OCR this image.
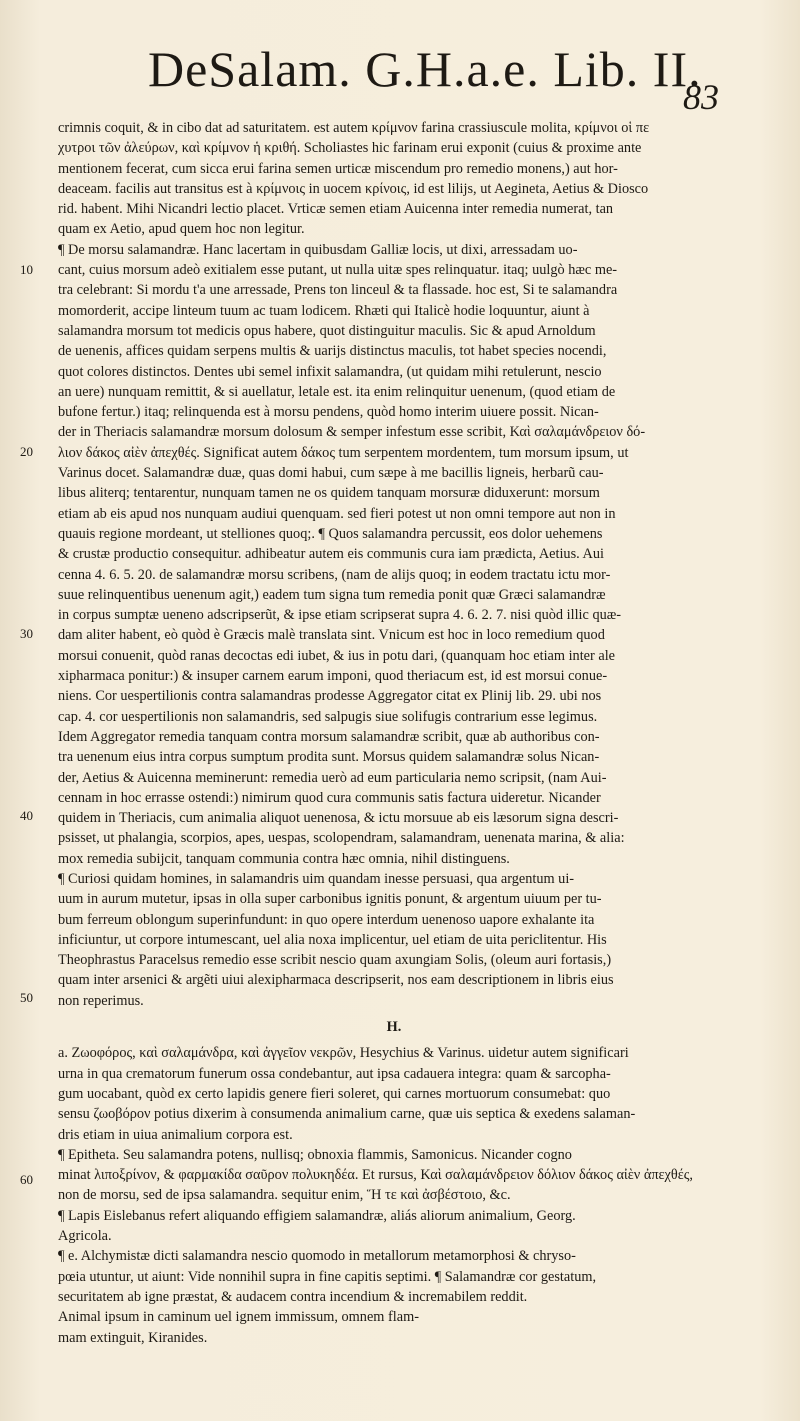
DeSalam. G.H.a.e. Lib. II.
83
10
20
30
40
50
60
crimnis coquit, & in cibo dat ad saturitatem. est autem κρίμνον farina crassiuscule molita, κρίμνοι οἱ πε
χυτροι τῶν ἀλεύρων, καὶ κρίμνον ἡ κριθή. Scholiastes hic farinam erui exponit (cuius & proxime ante
mentionem fecerat, cum sicca erui farina semen urticæ miscendum pro remedio monens,) aut hor-
deaceam. facilis aut transitus est à κρίμνοις in uocem κρίνοις, id est lilijs, ut Aegineta, Aetius & Diosco
rid. habent. Mihi Nicandri lectio placet. Vrticæ semen etiam Auicenna inter remedia numerat, tan
quam ex Aetio, apud quem hoc non legitur.
¶ De morsu salamandræ. Hanc lacertam in quibusdam Galliæ locis, ut dixi, arressadam uo-
cant, cuius morsum adeò exitialem esse putant, ut nulla uitæ spes relinquatur. itaq; uulgò hæc me-
tra celebrant: Si mordu t'a une arressade, Prens ton linceul & ta flassade. hoc est, Si te salamandra
momorderit, accipe linteum tuum ac tuam lodicem. Rhæti qui Italicè hodie loquuntur, aiunt à
salamandra morsum tot medicis opus habere, quot distinguitur maculis. Sic & apud Arnoldum
de uenenis, affices quidam serpens multis & uarijs distinctus maculis, tot habet species nocendi,
quot colores distinctos. Dentes ubi semel infixit salamandra, (ut quidam mihi retulerunt, nescio
an uere) nunquam remittit, & si auellatur, letale est. ita enim relinquitur uenenum, (quod etiam de
bufone fertur.) itaq; relinquenda est à morsu pendens, quòd homo interim uiuere possit. Nican-
der in Theriacis salamandræ morsum dolosum & semper infestum esse scribit, Καὶ σαλαμάνδρειον δό-
λιον δάκος αἰὲν ἀπεχθές. Significat autem δάκος tum serpentem mordentem, tum morsum ipsum, ut
Varinus docet. Salamandræ duæ, quas domi habui, cum sæpe à me bacillis ligneis, herbarũ cau-
libus aliterq; tentarentur, nunquam tamen ne os quidem tanquam morsuræ diduxerunt: morsum
etiam ab eis apud nos nunquam audiui quenquam. sed fieri potest ut non omni tempore aut non in
quauis regione mordeant, ut stelliones quoq;. ¶ Quos salamandra percussit, eos dolor uehemens
& crustæ productio consequitur. adhibeatur autem eis communis cura iam prædicta, Aetius. Aui
cenna 4. 6. 5. 20. de salamandræ morsu scribens, (nam de alijs quoq; in eodem tractatu ictu mor-
suue relinquentibus uenenum agit,) eadem tum signa tum remedia ponit quæ Græci salamandræ
in corpus sumptæ ueneno adscripserũt, & ipse etiam scripserat supra 4. 6. 2. 7. nisi quòd illic quæ-
dam aliter habent, eò quòd è Græcis malè translata sint. Vnicum est hoc in loco remedium quod
morsui conuenit, quòd ranas decoctas edi iubet, & ius in potu dari, (quanquam hoc etiam inter ale
xipharmaca ponitur:) & insuper carnem earum imponi, quod theriacum est, id est morsui conue-
niens. Cor uespertilionis contra salamandras prodesse Aggregator citat ex Plinij lib. 29. ubi nos
cap. 4. cor uespertilionis non salamandris, sed salpugis siue solifugis contrarium esse legimus.
Idem Aggregator remedia tanquam contra morsum salamandræ scribit, quæ ab authoribus con-
tra uenenum eius intra corpus sumptum prodita sunt. Morsus quidem salamandræ solus Nican-
der, Aetius & Auicenna meminerunt: remedia uerò ad eum particularia nemo scripsit, (nam Aui-
cennam in hoc errasse ostendi:) nimirum quod cura communis satis factura uideretur. Nicander
quidem in Theriacis, cum animalia aliquot uenenosa, & ictu morsuue ab eis læsorum signa descri-
psisset, ut phalangia, scorpios, apes, uespas, scolopendram, salamandram, uenenata marina, & alia:
mox remedia subijcit, tanquam communia contra hæc omnia, nihil distinguens.
¶ Curiosi quidam homines, in salamandris uim quandam inesse persuasi, qua argentum ui-
uum in aurum mutetur, ipsas in olla super carbonibus ignitis ponunt, & argentum uiuum per tu-
bum ferreum oblongum superinfundunt: in quo opere interdum uenenoso uapore exhalante ita
inficiuntur, ut corpore intumescant, uel alia noxa implicentur, uel etiam de uita periclitentur. His
Theophrastus Paracelsus remedio esse scribit nescio quam axungiam Solis, (oleum auri fortasis,)
quam inter arsenici & argẽti uiui alexipharmaca descripserit, nos eam descriptionem in libris eius
non reperimus.
H.
a. Ζωοφόρος, καὶ σαλαμάνδρα, καὶ ἀγγεῖον νεκρῶν, Hesychius & Varinus. uidetur autem significari
urna in qua crematorum funerum ossa condebantur, aut ipsa cadauera integra: quam & sarcopha-
gum uocabant, quòd ex certo lapidis genere fieri soleret, qui carnes mortuorum consumebat: quo
sensu ζωοβόρον potius dixerim à consumenda animalium carne, quæ uis septica & exedens salaman-
dris etiam in uiua animalium corpora est.
¶ Epitheta. Seu salamandra potens, nullisq; obnoxia flammis, Samonicus. Nicander cogno
minat λιποξρίνον, & φαρμακίδα σαῦρον πολυκηδέα. Et rursus, Καὶ σαλαμάνδρειον δόλιον δάκος αἰὲν ἀπεχθές,
non de morsu, sed de ipsa salamandra. sequitur enim, Ἥ τε καὶ ἀσβέστοιο, &c.
¶ Lapis Eislebanus refert aliquando effigiem salamandræ, aliás aliorum animalium, Georg.
Agricola.
¶ e. Alchymistæ dicti salamandra nescio quomodo in metallorum metamorphosi & chryso-
pœia utuntur, ut aiunt: Vide nonnihil supra in fine capitis septimi. ¶ Salamandræ cor gestatum,
securitatem ab igne præstat, & audacem contra incendium & incremabilem reddit.
Animal ipsum in caminum uel ignem immissum, omnem flam-
mam extinguit, Kiranides.
